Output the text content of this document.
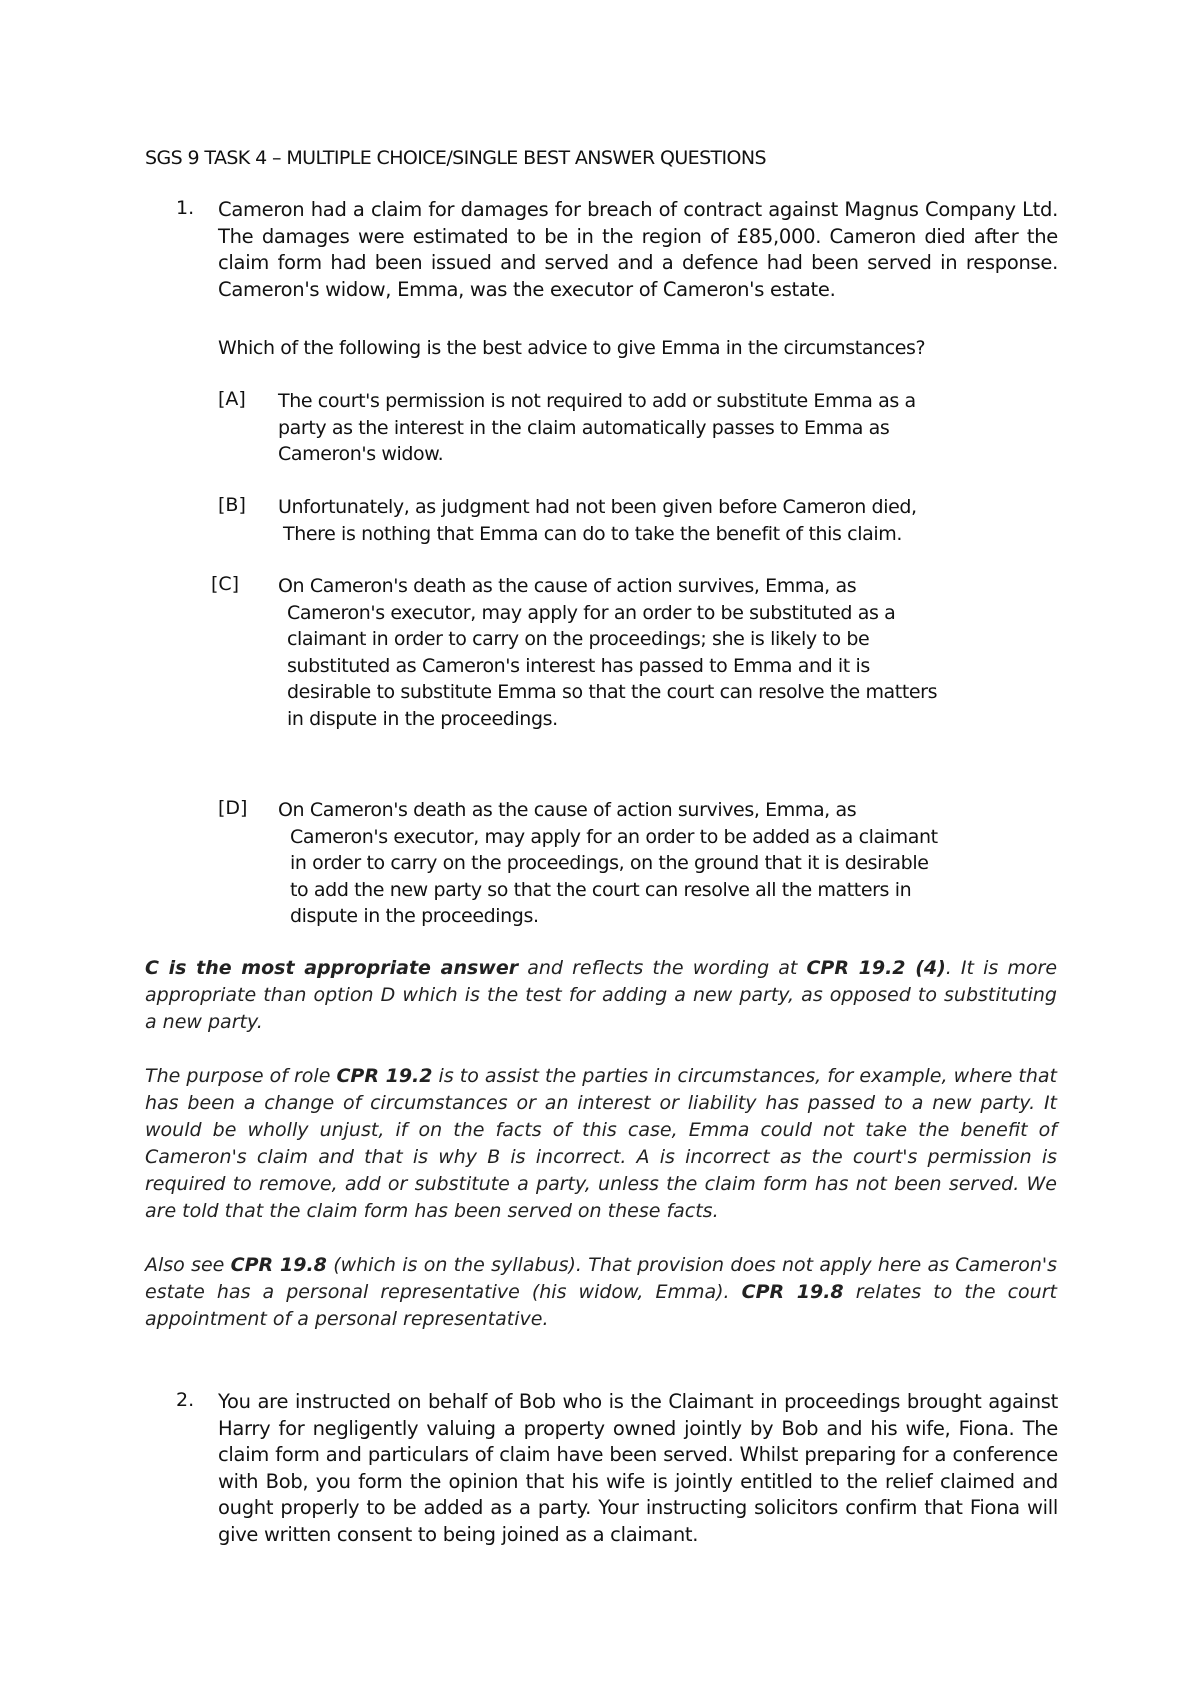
SGS 9 TASK 4 – MULTIPLE CHOICE/SINGLE BEST ANSWER QUESTIONS
1. Cameron had a claim for damages for breach of contract against Magnus Company Ltd. The damages were estimated to be in the region of £85,000. Cameron died after the claim form had been issued and served and a defence had been served in response. Cameron's widow, Emma, was the executor of Cameron's estate.
Which of the following is the best advice to give Emma in the circumstances?
[A] The court's permission is not required to add or substitute Emma as a
party as the interest in the claim automatically passes to Emma as
Cameron's widow.
[B] Unfortunately, as judgment had not been given before Cameron died,
There is nothing that Emma can do to take the benefit of this claim.
[C] On Cameron's death as the cause of action survives, Emma, as
Cameron's executor, may apply for an order to be substituted as a
claimant in order to carry on the proceedings; she is likely to be
substituted as Cameron's interest has passed to Emma and it is
desirable to substitute Emma so that the court can resolve the matters
in dispute in the proceedings.
[D] On Cameron's death as the cause of action survives, Emma, as
Cameron's executor, may apply for an order to be added as a claimant
in order to carry on the proceedings, on the ground that it is desirable
to add the new party so that the court can resolve all the matters in
dispute in the proceedings.
C is the most appropriate answer and reflects the wording at CPR 19.2 (4). It is more appropriate than option D which is the test for adding a new party, as opposed to substituting a new party.
The purpose of role CPR 19.2 is to assist the parties in circumstances, for example, where that has been a change of circumstances or an interest or liability has passed to a new party. It would be wholly unjust, if on the facts of this case, Emma could not take the benefit of Cameron's claim and that is why B is incorrect. A is incorrect as the court's permission is required to remove, add or substitute a party, unless the claim form has not been served. We are told that the claim form has been served on these facts.
Also see CPR 19.8 (which is on the syllabus). That provision does not apply here as Cameron's estate has a personal representative (his widow, Emma). CPR 19.8 relates to the court appointment of a personal representative.
2. You are instructed on behalf of Bob who is the Claimant in proceedings brought against Harry for negligently valuing a property owned jointly by Bob and his wife, Fiona. The claim form and particulars of claim have been served. Whilst preparing for a conference with Bob, you form the opinion that his wife is jointly entitled to the relief claimed and ought properly to be added as a party. Your instructing solicitors confirm that Fiona will give written consent to being joined as a claimant.
